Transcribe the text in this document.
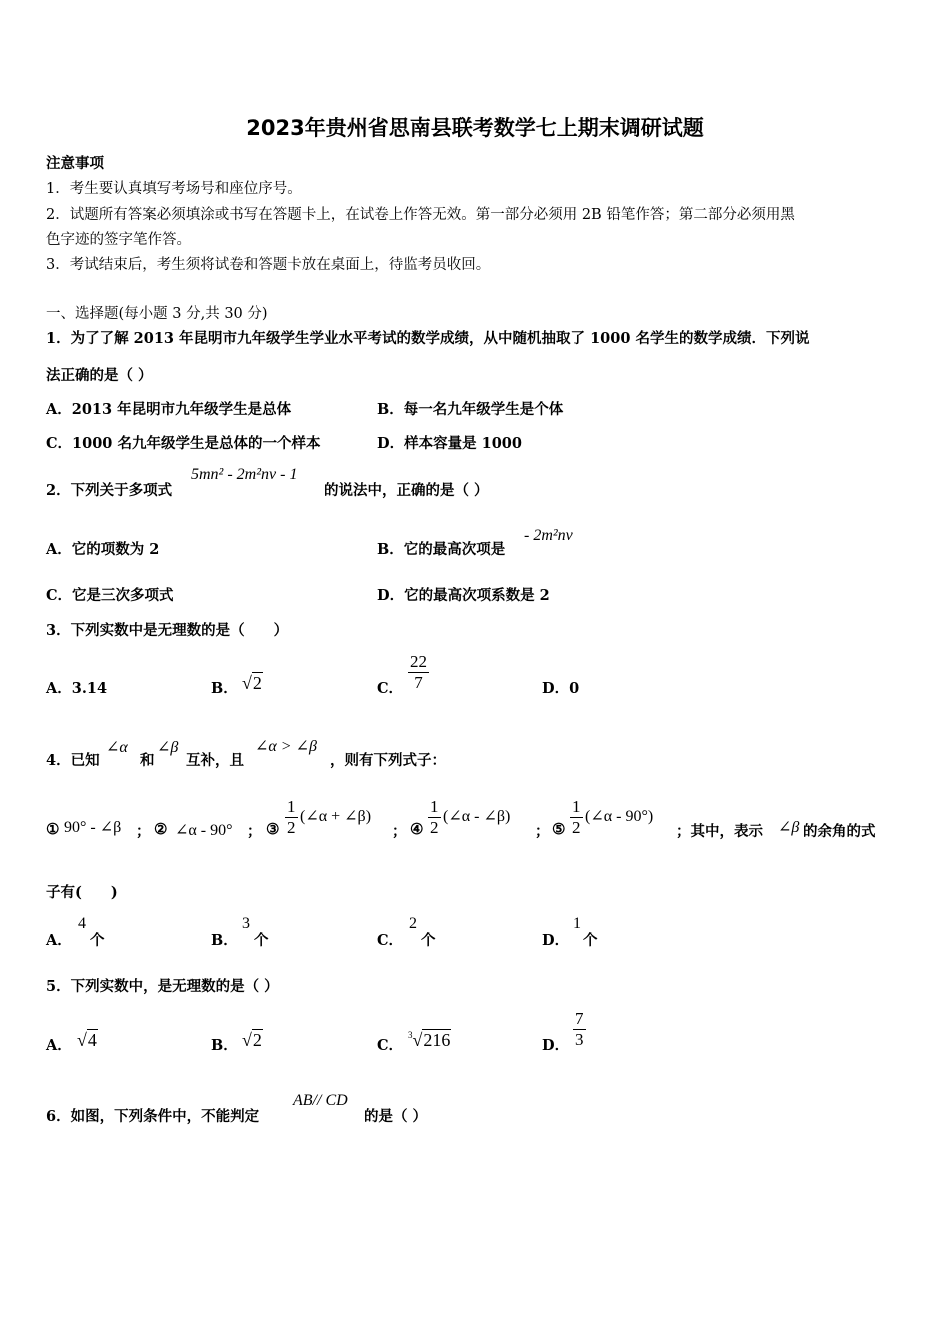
2023年贵州省思南县联考数学七上期末调研试题
注意事项
1．考生要认真填写考场号和座位序号。
2．试题所有答案必须填涂或书写在答题卡上，在试卷上作答无效。第一部分必须用 2B 铅笔作答；第二部分必须用黑
色字迹的签字笔作答。
3．考试结束后，考生须将试卷和答题卡放在桌面上，待监考员收回。
一、选择题(每小题 3 分,共 30 分)
1．为了了解 2013 年昆明市九年级学生学业水平考试的数学成绩，从中随机抽取了 1000 名学生的数学成绩．下列说
法正确的是（ ）
A．2013 年昆明市九年级学生是总体	B．每一名九年级学生是个体
C．1000 名九年级学生是总体的一个样本	D．样本容量是 1000
2．下列关于多项式
5mn² - 2m²nv - 1
的说法中，正确的是（ ）
A．它的项数为 2	B．它的最高次项是
- 2m²nv
C．它是三次多项式	D．它的最高次项系数是 2
3．下列实数中是无理数的是（　　）
A．3.14	B． √2	C． $\frac{22}{7}$	D．0
4．已知
∠α
和
∠β
互补，且
∠α > ∠β
，则有下列式子：
① 90° - ∠β ； ② ∠α - 90° ； ③ $\frac{1}{2}$ (∠α + ∠β)
； ④ $\frac{1}{2}$ (∠α - ∠β)
； ⑤ $\frac{1}{2}$ (∠α - 90°)
；其中，表示 ∠β 的余角的式
子有(　　)
A．
4
个	B．
3
个	C．
2
个	D．
1
个
5．下列实数中，是无理数的是（ ）
A． √4	B． √2	C．
$^3$√216	D． $\frac{7}{3}$
6．如图，下列条件中，不能判定
AB// CD
的是（ ）
